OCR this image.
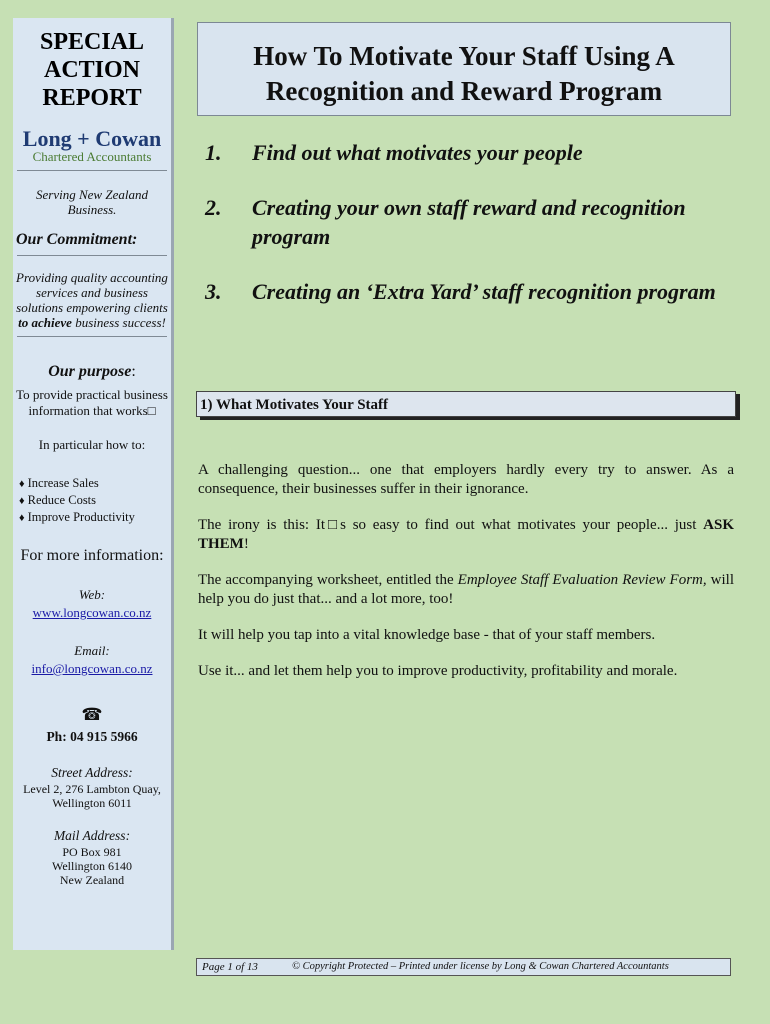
SPECIAL
ACTION
REPORT
Long + Cowan
Chartered Accountants
Serving New Zealand Business.
Our Commitment:
Providing quality accounting services and business solutions empowering clients to achieve business success!
Our purpose:
To provide practical business information that works□
In particular how to:
♦ Increase Sales
♦ Reduce Costs
♦ Improve Productivity
For more information:
Web:
www.longcowan.co.nz
Email:
info@longcowan.co.nz
☎
Ph: 04 915 5966
Street Address:
Level 2, 276 Lambton Quay,
Wellington 6011
Mail Address:
PO Box 981
Wellington 6140
New Zealand
How To Motivate Your Staff Using A Recognition and Reward Program
1.	Find out what motivates your people
2.	Creating your own staff reward and recognition program
3.	Creating an ‘Extra Yard’ staff recognition program
1) What Motivates Your Staff

A challenging question... one that employers hardly every try to answer. As a consequence, their businesses suffer in their ignorance.

The irony is this: It□s so easy to find out what motivates your people... just ASK THEM!

The accompanying worksheet, entitled the Employee Staff Evaluation Review Form, will help you do just that... and a lot more, too!

It will help you tap into a vital knowledge base - that of your staff members.

Use it... and let them help you to improve productivity, profitability and morale.

Page 1 of 13	© Copyright Protected – Printed under license by Long & Cowan Chartered Accountants
